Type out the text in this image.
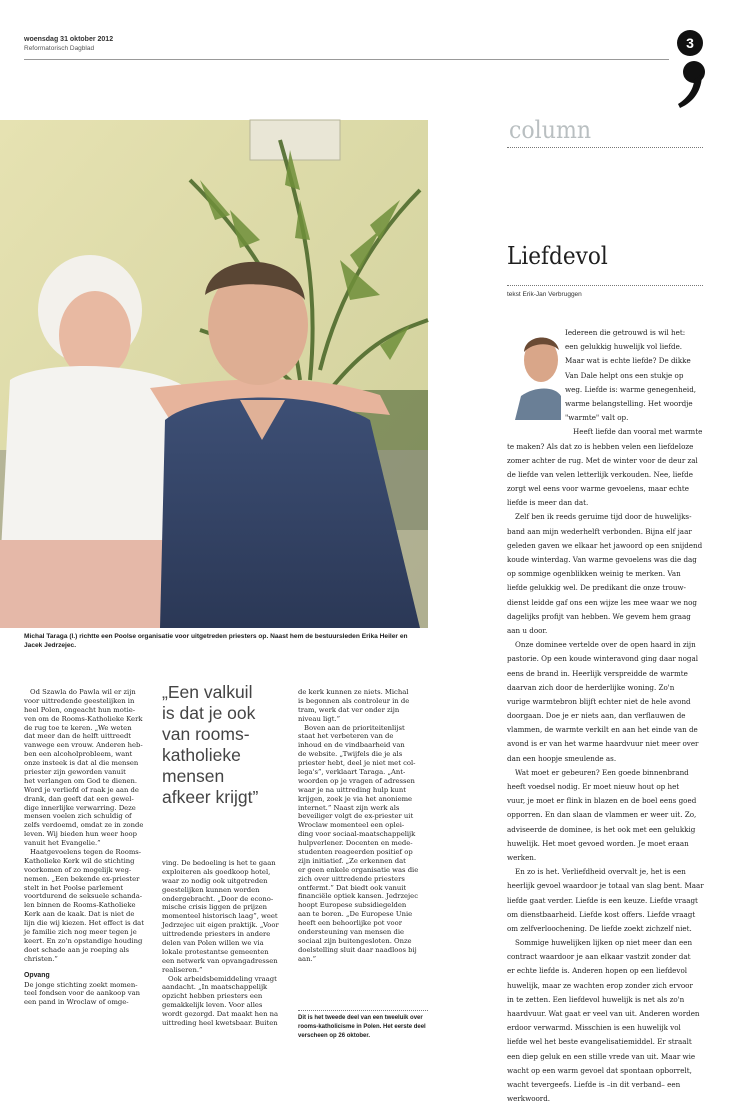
woensdag 31 oktober 2012
Reformatorisch Dagblad	3
Michal Taraga (l.) richtte een Poolse organisatie voor uitgetreden priesters op. Naast hem de bestuursleden Erika Heiler en Jacek Jedrzejec.
column
Liefdevol
tekst Erik-Jan Verbruggen
Iedereen die getrouwd is wil het:
een gelukkig huwelijk vol liefde.
Maar wat is echte liefde? De dikke
Van Dale helpt ons een stukje op
weg. Liefde is: warme genegenheid,
warme belangstelling. Het woordje
"warmte" valt op.
Heeft liefde dan vooral met warmte
te maken? Als dat zo is hebben velen een liefdeloze
zomer achter de rug. Met de winter voor de deur zal
de liefde van velen letterlijk verkouden. Nee, liefde
zorgt wel eens voor warme gevoelens, maar echte
liefde is meer dan dat.
Zelf ben ik reeds geruime tijd door de huwelijks-
band aan mijn wederhelft verbonden. Bijna elf jaar
geleden gaven we elkaar het jawoord op een snijdend
koude winterdag. Van warme gevoelens was die dag
op sommige ogenblikken weinig te merken. Van
liefde gelukkig wel. De predikant die onze trouw-
dienst leidde gaf ons een wijze les mee waar we nog
dagelijks profijt van hebben. We gevem hem graag
aan u door.
Onze dominee vertelde over de open haard in zijn
pastorie. Op een koude winteravond ging daar nogal
eens de brand in. Heerlijk verspreidde de warmte
daarvan zich door de herderlijke woning. Zo'n
vurige warmtebron blijft echter niet de hele avond
doorgaan. Doe je er niets aan, dan verflauwen de
vlammen, de warmte verkilt en aan het einde van de
avond is er van het warme haardvuur niet meer over
dan een hoopje smeulende as.
Wat moet er gebeuren? Een goede binnenbrand
heeft voedsel nodig. Er moet nieuw hout op het
vuur, je moet er flink in blazen en de boel eens goed
opporren. En dan slaan de vlammen er weer uit. Zo,
adviseerde de dominee, is het ook met een gelukkig
huwelijk. Het moet gevoed worden. Je moet eraan
werken.
En zo is het. Verliefdheid overvalt je, het is een
heerlijk gevoel waardoor je totaal van slag bent. Maar
liefde gaat verder. Liefde is een keuze. Liefde vraagt
om dienstbaarheid. Liefde kost offers. Liefde vraagt
om zelfverloochening. De liefde zoekt zichzelf niet.
Sommige huwelijken lijken op niet meer dan een
contract waardoor je aan elkaar vastzit zonder dat
er echte liefde is. Anderen hopen op een liefdevol
huwelijk, maar ze wachten erop zonder zich ervoor
in te zetten. Een liefdevol huwelijk is net als zo'n
haardvuur. Wat gaat er veel van uit. Anderen worden
erdoor verwarmd. Misschien is een huwelijk vol
liefde wel het beste evangelisatiemiddel. Er straalt
een diep geluk en een stille vrede van uit. Maar wie
wacht op een warm gevoel dat spontaan opborrelt,
wacht tevergeefs. Liefde is –in dit verband– een
werkwoord.
Od Szawla do Pawla wil er zijn
voor uittredende geestelijken in
heel Polen, ongeacht hun motie-
ven om de Rooms-Katholieke Kerk
de rug toe te keren. „We weten
dat meer dan de helft uittreedt
vanwege een vrouw. Anderen heb-
ben een alcoholprobleem, want
onze insteek is dat al die mensen
priester zijn geworden vanuit
het verlangen om God te dienen.
Word je verliefd of raak je aan de
drank, dan geeft dat een gewel-
dige innerlijke verwarring. Deze
mensen voelen zich schuldig of
zelfs verdoemd, omdat ze in zonde
leven. Wij bieden hun weer hoop
vanuit het Evangelie.”
Haatgevoelens tegen de Rooms-
Katholieke Kerk wil de stichting
voorkomen of zo mogelijk weg-
nemen. „Een bekende ex-priester
stelt in het Poolse parlement
voortdurend de seksuele schanda-
len binnen de Rooms-Katholieke
Kerk aan de kaak. Dat is niet de
lijn die wij kiezen. Het effect is dat
je familie zich nog meer tegen je
keert. En zo'n opstandige houding
doet schade aan je roeping als
christen.”
Opvang
De jonge stichting zoekt momen-
teel fondsen voor de aankoop van
een pand in Wroclaw of omge-
„Een valkuil
is dat je ook
van rooms-
katholieke
mensen
afkeer krijgt”
ving. De bedoeling is het te gaan
exploiteren als goedkoop hotel,
waar zo nodig ook uitgetreden
geestelijken kunnen worden
ondergebracht. „Door de econo-
mische crisis liggen de prijzen
momenteel historisch laag”, weet
Jedrzejec uit eigen praktijk. „Voor
uittredende priesters in andere
delen van Polen willen we via
lokale protestantse gemeenten
een netwerk van opvangadressen
realiseren.”
Ook arbeidsbemiddeling vraagt
aandacht. „In maatschappelijk
opzicht hebben priesters een
gemakkelijk leven. Voor alles
wordt gezorgd. Dat maakt hen na
uittreding heel kwetsbaar. Buiten
de kerk kunnen ze niets. Michal
is begonnen als controleur in de
tram, werk dat ver onder zijn
niveau ligt.”
Boven aan de prioriteitenlijst
staat het verbeteren van de
inhoud en de vindbaarheid van
de website. „Twijfels die je als
priester hebt, deel je niet met col-
lega's”, verklaart Taraga. „Ant-
woorden op je vragen of adressen
waar je na uittreding hulp kunt
krijgen, zoek je via het anonieme
internet.” Naast zijn werk als
beveiliger volgt de ex-priester uit
Wroclaw momenteel een oplei-
ding voor sociaal-maatschappelijk
hulpverlener. Docenten en mede-
studenten reageerden positief op
zijn initiatief. „Ze erkennen dat
er geen enkele organisatie was die
zich over uittredende priesters
ontfermt.” Dat biedt ook vanuit
financiële optiek kansen. Jedrzejec
hoopt Europese subsidiegelden
aan te boren. „De Europese Unie
heeft een behoorlijke pot voor
ondersteuning van mensen die
sociaal zijn buitengesloten. Onze
doelstelling sluit daar naadloos bij
aan.”
Dit is het tweede deel van een tweeluik over rooms-katholicisme in Polen. Het eerste deel verscheen op 26 oktober.
